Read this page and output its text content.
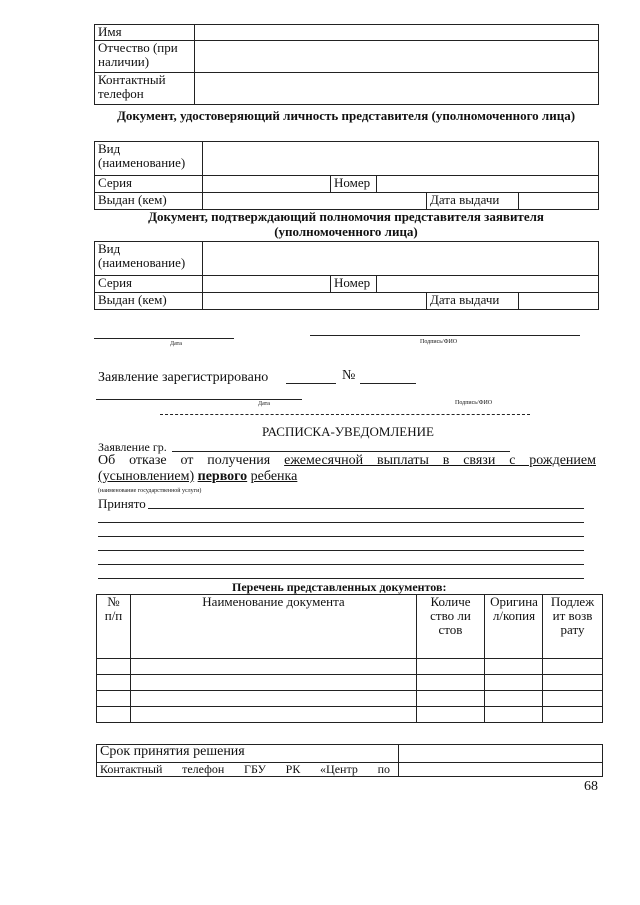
Имя	
Отчество (при наличии)	
Контактный телефон	
Документ, удостоверяющий личность представителя (уполномоченного лица)
Вид (наименование)					
Серия		Номер			
Выдан (кем)				Дата выдачи	
Документ, подтверждающий полномочия представителя заявителя (уполномоченного лица)
Вид (наименование)					
Серия		Номер			
Выдан (кем)				Дата выдачи	
Дата	Подпись/ФИО
Заявление зарегистрировано	№
Дата	Подпись/ФИО
РАСПИСКА-УВЕДОМЛЕНИЕ
Заявление гр.
Об отказе от получения ежемесячной выплаты в связи с рождением
(усыновлением) первого ребенка
(наименование государственной услуги)
Принято
Перечень представленных документов:
№ п/п	Наименование документа	Количество листов	Оригинал/копия	Подлежит возврату

Срок принятия решения	

Контактный телефон ГБУ РК «Центр по	

68
